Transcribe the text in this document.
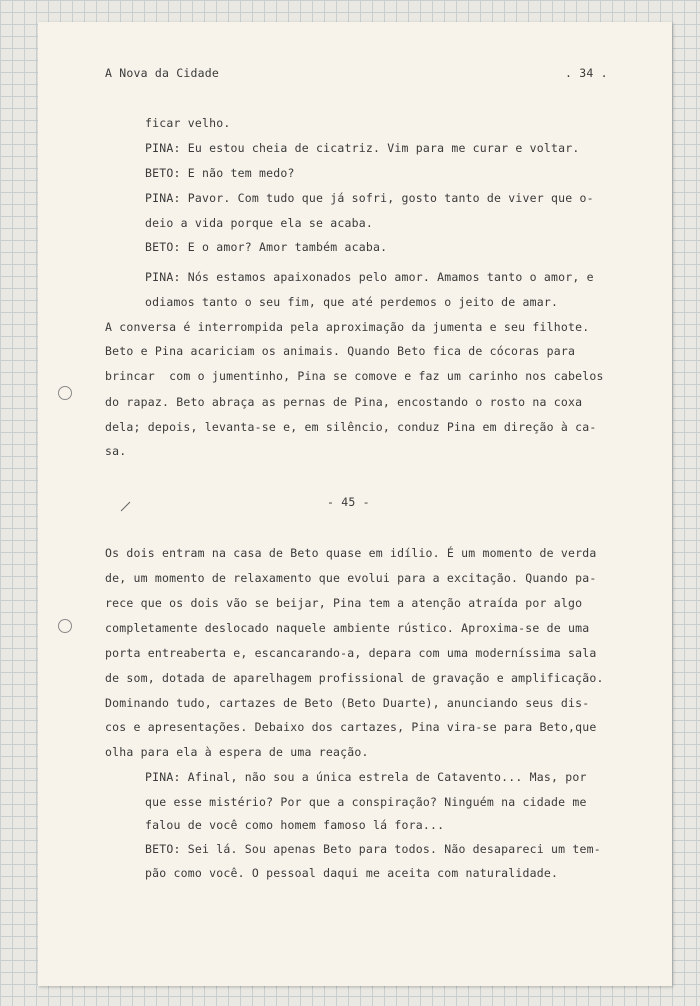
A Nova da Cidade	. 34 .
ficar velho.
PINA: Eu estou cheia de cicatriz. Vim para me curar e voltar.
BETO: E não tem medo?
PINA: Pavor. Com tudo que já sofri, gosto tanto de viver que o-
deio a vida porque ela se acaba.
BETO: E o amor? Amor também acaba.
PINA: Nós estamos apaixonados pelo amor. Amamos tanto o amor, e
odiamos tanto o seu fim, que até perdemos o jeito de amar.
A conversa é interrompida pela aproximação da jumenta e seu filhote.
Beto e Pina acariciam os animais. Quando Beto fica de cócoras para
brincar  com o jumentinho, Pina se comove e faz um carinho nos cabelos
do rapaz. Beto abraça as pernas de Pina, encostando o rosto na coxa
dela; depois, levanta-se e, em silêncio, conduz Pina em direção à ca-
sa.
- 45 -
Os dois entram na casa de Beto quase em idílio. É um momento de verda
de, um momento de relaxamento que evolui para a excitação. Quando pa-
rece que os dois vão se beijar, Pina tem a atenção atraída por algo
completamente deslocado naquele ambiente rústico. Aproxima-se de uma
porta entreaberta e, escancarando-a, depara com uma moderníssima sala
de som, dotada de aparelhagem profissional de gravação e amplificação.
Dominando tudo, cartazes de Beto (Beto Duarte), anunciando seus dis-
cos e apresentações. Debaixo dos cartazes, Pina vira-se para Beto,que
olha para ela à espera de uma reação.
PINA: Afinal, não sou a única estrela de Catavento... Mas, por
que esse mistério? Por que a conspiração? Ninguém na cidade me
falou de você como homem famoso lá fora...
BETO: Sei lá. Sou apenas Beto para todos. Não desapareci um tem-
pão como você. O pessoal daqui me aceita com naturalidade.
